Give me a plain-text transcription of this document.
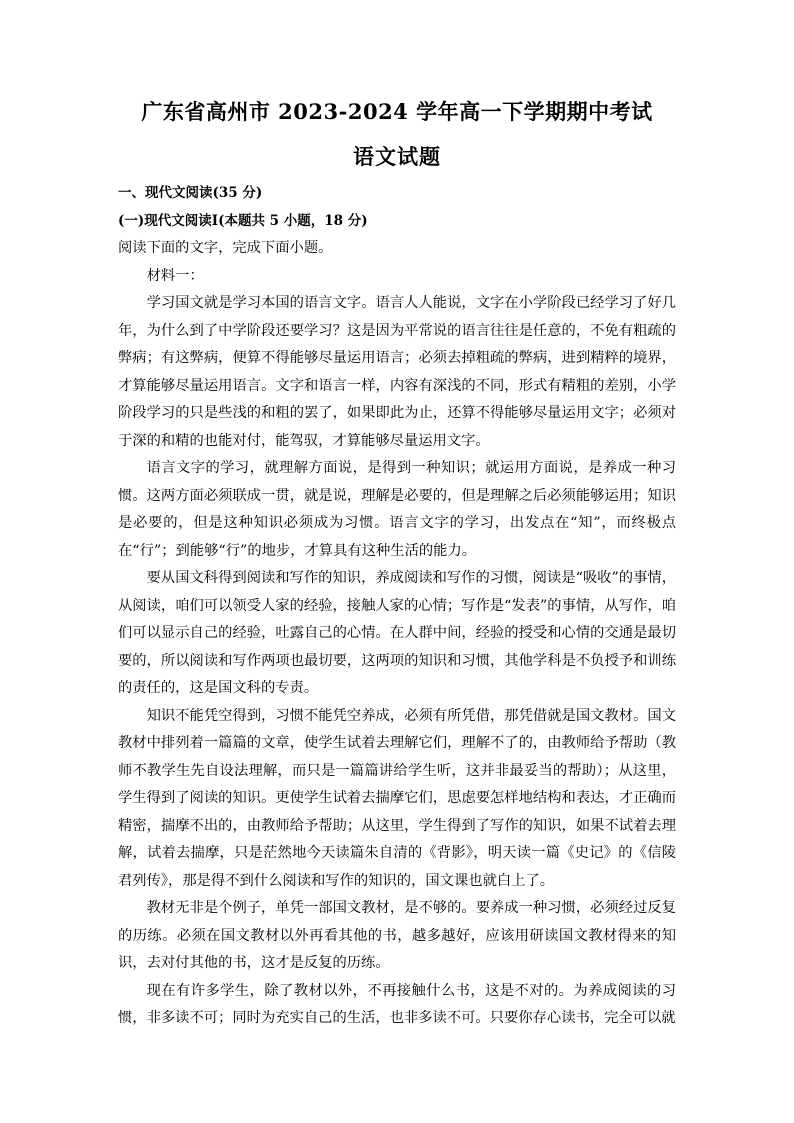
广东省高州市 2023-2024 学年高一下学期期中考试
语文试题

一、现代文阅读(35 分)

(一)现代文阅读Ⅰ(本题共 5 小题，18 分)

阅读下面的文字，完成下面小题。

材料一：

学习国文就是学习本国的语言文字。语言人人能说，文字在小学阶段已经学习了好几年，为什么到了中学阶段还要学习？这是因为平常说的语言往往是任意的，不免有粗疏的弊病；有这弊病，便算不得能够尽量运用语言；必须去掉粗疏的弊病，进到精粹的境界，才算能够尽量运用语言。文字和语言一样，内容有深浅的不同，形式有精粗的差别，小学阶段学习的只是些浅的和粗的罢了，如果即此为止，还算不得能够尽量运用文字；必须对于深的和精的也能对付，能驾驭，才算能够尽量运用文字。

语言文字的学习，就理解方面说，是得到一种知识；就运用方面说，是养成一种习惯。这两方面必须联成一贯，就是说，理解是必要的，但是理解之后必须能够运用；知识是必要的，但是这种知识必须成为习惯。语言文字的学习，出发点在“知”，而终极点在“行”；到能够“行”的地步，才算具有这种生活的能力。

要从国文科得到阅读和写作的知识，养成阅读和写作的习惯，阅读是“吸收”的事情，从阅读，咱们可以领受人家的经验，接触人家的心情；写作是“发表”的事情，从写作，咱们可以显示自己的经验，吐露自己的心情。在人群中间，经验的授受和心情的交通是最切要的，所以阅读和写作两项也最切要，这两项的知识和习惯，其他学科是不负授予和训练的责任的，这是国文科的专责。

知识不能凭空得到，习惯不能凭空养成，必须有所凭借，那凭借就是国文教材。国文教材中排列着一篇篇的文章，使学生试着去理解它们，理解不了的，由教师给予帮助（教师不教学生先自设法理解，而只是一篇篇讲给学生听，这并非最妥当的帮助）；从这里，学生得到了阅读的知识。更使学生试着去揣摩它们，思虑要怎样地结构和表达，才正确而精密，揣摩不出的，由教师给予帮助；从这里，学生得到了写作的知识，如果不试着去理解，试着去揣摩，只是茫然地今天读篇朱自清的《背影》，明天读一篇《史记》的《信陵君列传》，那是得不到什么阅读和写作的知识的，国文课也就白上了。

教材无非是个例子，单凭一部国文教材，是不够的。要养成一种习惯，必须经过反复的历练。必须在国文教材以外再看其他的书，越多越好，应该用研读国文教材得来的知识，去对付其他的书，这才是反复的历练。

现在有许多学生，除了教材以外，不再接触什么书，这是不对的。为养成阅读的习惯，非多读不可；同时为充实自己的生活，也非多读不可。只要你存心读书，完全可以就
